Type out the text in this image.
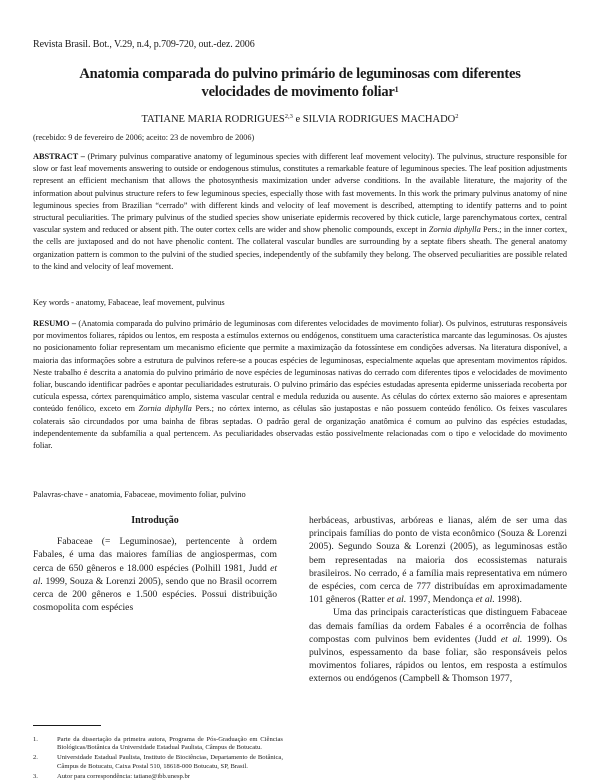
Revista Brasil. Bot., V.29, n.4, p.709-720, out.-dez. 2006
Anatomia comparada do pulvino primário de leguminosas com diferentes velocidades de movimento foliar$^1$
TATIANE MARIA RODRIGUES$^{2,3}$ e SILVIA RODRIGUES MACHADO$^2$
(recebido: 9 de fevereiro de 2006; aceito: 23 de novembro de 2006)

ABSTRACT – (Primary pulvinus comparative anatomy of leguminous species with different leaf movement velocity). The pulvinus, structure responsible for slow or fast leaf movements answering to outside or endogenous stimulus, constitutes a remarkable feature of leguminous species. The leaf position adjustments represent an efficient mechanism that allows the photosynthesis maximization under adverse conditions. In the available literature, the majority of the information about pulvinus structure refers to few leguminous species, especially those with fast movements. In this work the primary pulvinus anatomy of nine leguminous species from Brazilian “cerrado” with different kinds and velocity of leaf movement is described, attempting to identify patterns and to point structural peculiarities. The primary pulvinus of the studied species show uniseriate epidermis recovered by thick cuticle, large parenchymatous cortex, central vascular system and reduced or absent pith. The outer cortex cells are wider and show phenolic compounds, except in Zornia diphylla Pers.; in the inner cortex, the cells are juxtaposed and do not have phenolic content. The collateral vascular bundles are surrounding by a septate fibers sheath. The general anatomy organization pattern is common to the pulvini of the studied species, independently of the subfamily they belong. The observed peculiarities are possible related to the kind and velocity of leaf movement.

Key words - anatomy, Fabaceae, leaf movement, pulvinus

RESUMO – (Anatomia comparada do pulvino primário de leguminosas com diferentes velocidades de movimento foliar). Os pulvinos, estruturas responsáveis por movimentos foliares, rápidos ou lentos, em resposta a estímulos externos ou endógenos, constituem uma característica marcante das leguminosas. Os ajustes no posicionamento foliar representam um mecanismo eficiente que permite a maximização da fotossíntese em condições adversas. Na literatura disponível, a maioria das informações sobre a estrutura de pulvinos refere-se a poucas espécies de leguminosas, especialmente aquelas que apresentam movimentos rápidos. Neste trabalho é descrita a anatomia do pulvino primário de nove espécies de leguminosas nativas do cerrado com diferentes tipos e velocidades de movimento foliar, buscando identificar padrões e apontar peculiaridades estruturais. O pulvino primário das espécies estudadas apresenta epiderme unisseriada recoberta por cutícula espessa, córtex parenquimático amplo, sistema vascular central e medula reduzida ou ausente. As células do córtex externo são maiores e apresentam conteúdo fenólico, exceto em Zornia diphylla Pers.; no córtex interno, as células são justapostas e não possuem conteúdo fenólico. Os feixes vasculares colaterais são circundados por uma bainha de fibras septadas. O padrão geral de organização anatômica é comum ao pulvino das espécies estudadas, independentemente da subfamília a qual pertencem. As peculiaridades observadas estão possivelmente relacionadas com o tipo e velocidade do movimento foliar.

Palavras-chave - anatomia, Fabaceae, movimento foliar, pulvino

Introdução

Fabaceae (= Leguminosae), pertencente à ordem Fabales, é uma das maiores famílias de angiospermas, com cerca de 650 gêneros e 18.000 espécies (Polhill 1981, Judd et al. 1999, Souza & Lorenzi 2005), sendo que no Brasil ocorrem cerca de 200 gêneros e 1.500 espécies. Possui distribuição cosmopolita com espécies

herbáceas, arbustivas, arbóreas e lianas, além de ser uma das principais famílias do ponto de vista econômico (Souza & Lorenzi 2005). Segundo Souza & Lorenzi (2005), as leguminosas estão bem representadas na maioria dos ecossistemas naturais brasileiros. No cerrado, é a família mais representativa em número de espécies, com cerca de 777 distribuídas em aproximadamente 101 gêneros (Ratter et al. 1997, Mendonça et al. 1998).

Uma das principais características que distinguem Fabaceae das demais famílias da ordem Fabales é a ocorrência de folhas compostas com pulvinos bem evidentes (Judd et al. 1999). Os pulvinos, espessamento da base foliar, são responsáveis pelos movimentos foliares, rápidos ou lentos, em resposta a estímulos externos ou endógenos (Campbell & Thomson 1977,

1.	Parte da dissertação da primeira autora, Programa de Pós-Graduação em Ciências Biológicas/Botânica da Universidade Estadual Paulista, Câmpus de Botucatu.
2.	Universidade Estadual Paulista, Instituto de Biociências, Departamento de Botânica, Câmpus de Botucatu, Caixa Postal 510, 18618-000 Botucatu, SP, Brasil.
3.	Autor para correspondência: tatiane@ibb.unesp.br
